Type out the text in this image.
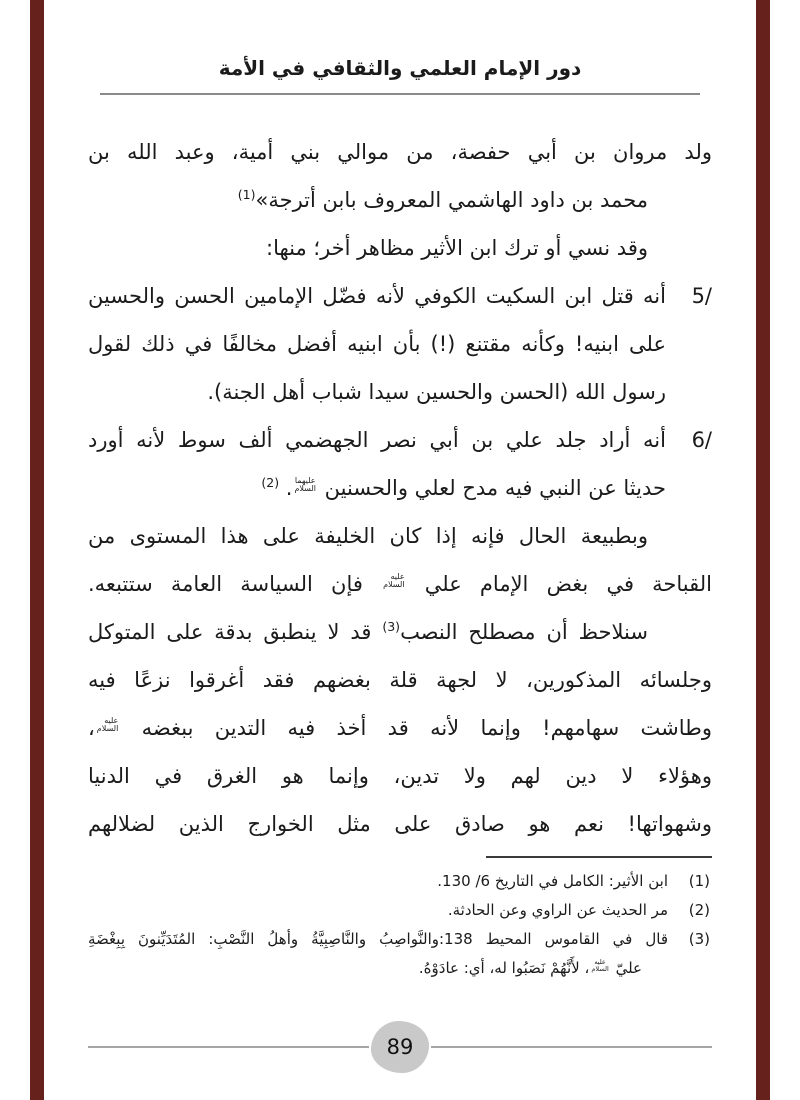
دور الإمام العلمي والثقافي في الأمة
ولد مروان بن أبي حفصة، من موالي بني أمية، وعبد الله بن
محمد بن داود الهاشمي المعروف بابن أترجة»$^{(1)}$
وقد نسي أو ترك ابن الأثير مظاهر أخر؛ منها:
5/
أنه قتل ابن السكيت الكوفي لأنه فضّل الإمامين الحسن والحسين
على ابنيه! وكأنه مقتنع (!) بأن ابنيه أفضل مخالفًا في ذلك لقول
رسول الله (الحسن والحسين سيدا شباب أهل الجنة).
6/
أنه أراد جلد علي بن أبي نصر الجهضمي ألف سوط لأنه أورد
حديثا عن النبي فيه مدح لعلي والحسنين
عليهما
السلام
. $^{(2)}$
وبطبيعة الحال فإنه إذا كان الخليفة على هذا المستوى من
القباحة في بغض الإمام علي
عليه
السلام
فإن السياسة العامة ستتبعه.
سنلاحظ أن مصطلح النصب$^{(3)}$ قد لا ينطبق بدقة على المتوكل
وجلسائه المذكورين، لا لجهة قلة بغضهم فقد أغرقوا نزعًا فيه
وطاشت سهامهم! وإنما لأنه قد أخذ فيه التدين ببغضه
عليه
السلام
،
وهؤلاء لا دين لهم ولا تدين، وإنما هو الغرق في الدنيا
وشهواتها! نعم هو صادق على مثل الخوارج الذين لضلالهم
(1)
ابن الأثير: الكامل في التاريخ 6/ 130.
(2)
مر الحديث عن الراوي وعن الحادثة.
(3)
قال في القاموس المحيط 138:والنَّواصِبُ والنَّاصِبِيَّةُ وأهلُ النَّصْبِ: المُتَدَيِّنونَ بِبِغْضَةِ
عليّ
عليه
السلام
، لأَنَّهُمْ نَصَبُوا له، أي: عادَوْهُ.
89
